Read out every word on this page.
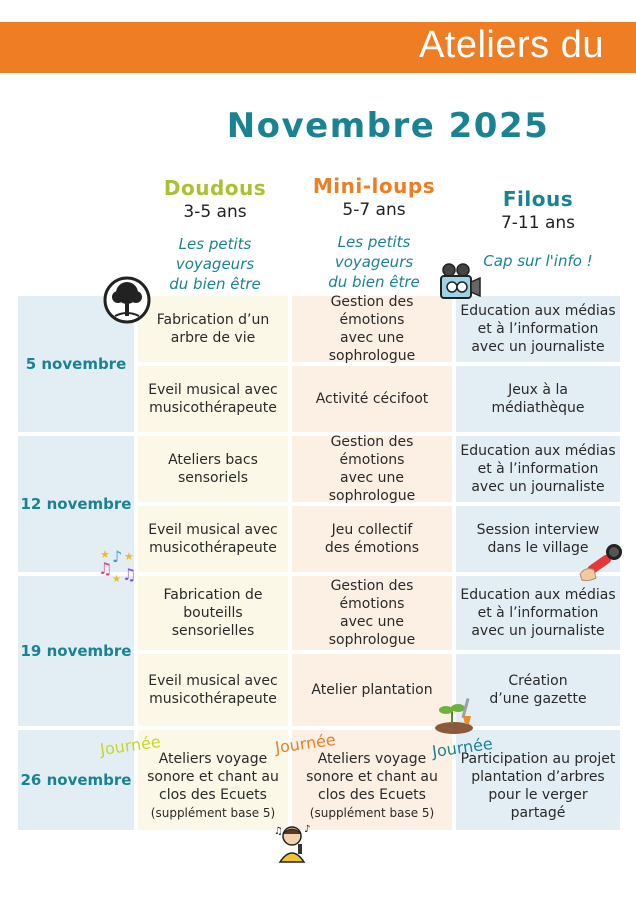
Ateliers du
Novembre 2025
Doudous
3-5 ans
Les petits
voyageurs
du bien être
Mini-loups
5-7 ans
Les petits
voyageurs
du bien être
Filous
7-11 ans
Cap sur l'info !
5 novembre
12 novembre
19 novembre
26 novembre
Fabrication d’un
arbre de vie
Gestion des émotions
avec une sophrologue
Education aux médias
et à l’information
avec un journaliste
Eveil musical avec
musicothérapeute
Activité cécifoot
Jeux à la
médiathèque
Ateliers bacs
sensoriels
Gestion des émotions
avec une sophrologue
Education aux médias
et à l’information
avec un journaliste
Eveil musical avec
musicothérapeute
Jeu collectif
des émotions
Session interview
dans le village
Fabrication de
bouteills sensorielles
Gestion des émotions
avec une sophrologue
Education aux médias
et à l’information
avec un journaliste
Eveil musical avec
musicothérapeute
Atelier plantation
Création
d’une gazette
Ateliers voyage
sonore et chant au
clos des Ecuets
(supplément base 5)
Ateliers voyage
sonore et chant au
clos des Ecuets
(supplément base 5)
Participation au projet
plantation d’arbres
pour le verger partagé
Journée	Journée	Journée
♫
♪
♫
★ ★
★
♪
♫
